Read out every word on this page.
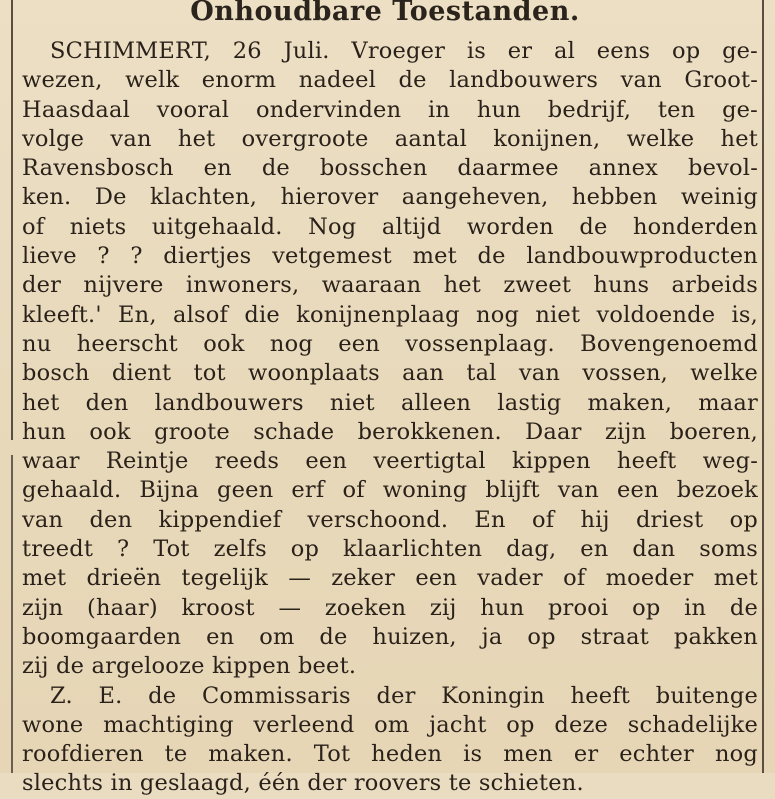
Onhoudbare Toestanden.
SCHIMMERT, 26 Juli. Vroeger is er al eens op ge-
wezen, welk enorm nadeel de landbouwers van Groot-
Haasdaal vooral ondervinden in hun bedrijf, ten ge-
volge van het overgroote aantal konijnen, welke het
Ravensbosch en de bosschen daarmee annex bevol-
ken. De klachten, hierover aangeheven, hebben weinig
of niets uitgehaald. Nog altijd worden de honderden
lieve ? ? diertjes vetgemest met de landbouwproducten
der nijvere inwoners, waaraan het zweet huns arbeids
kleeft.' En, alsof die konijnenplaag nog niet voldoende is,
nu heerscht ook nog een vossenplaag. Bovengenoemd
bosch dient tot woonplaats aan tal van vossen, welke
het den landbouwers niet alleen lastig maken, maar
hun ook groote schade berokkenen. Daar zijn boeren,
waar Reintje reeds een veertigtal kippen heeft weg-
gehaald. Bijna geen erf of woning blijft van een bezoek
van den kippendief verschoond. En of hij driest op
treedt ? Tot zelfs op klaarlichten dag, en dan soms
met drieën tegelijk — zeker een vader of moeder met
zijn (haar) kroost — zoeken zij hun prooi op in de
boomgaarden en om de huizen, ja op straat pakken
zij de argelooze kippen beet.
Z. E. de Commissaris der Koningin heeft buitenge
wone machtiging verleend om jacht op deze schadelijke
roofdieren te maken. Tot heden is men er echter nog
slechts in geslaagd, één der roovers te schieten.
